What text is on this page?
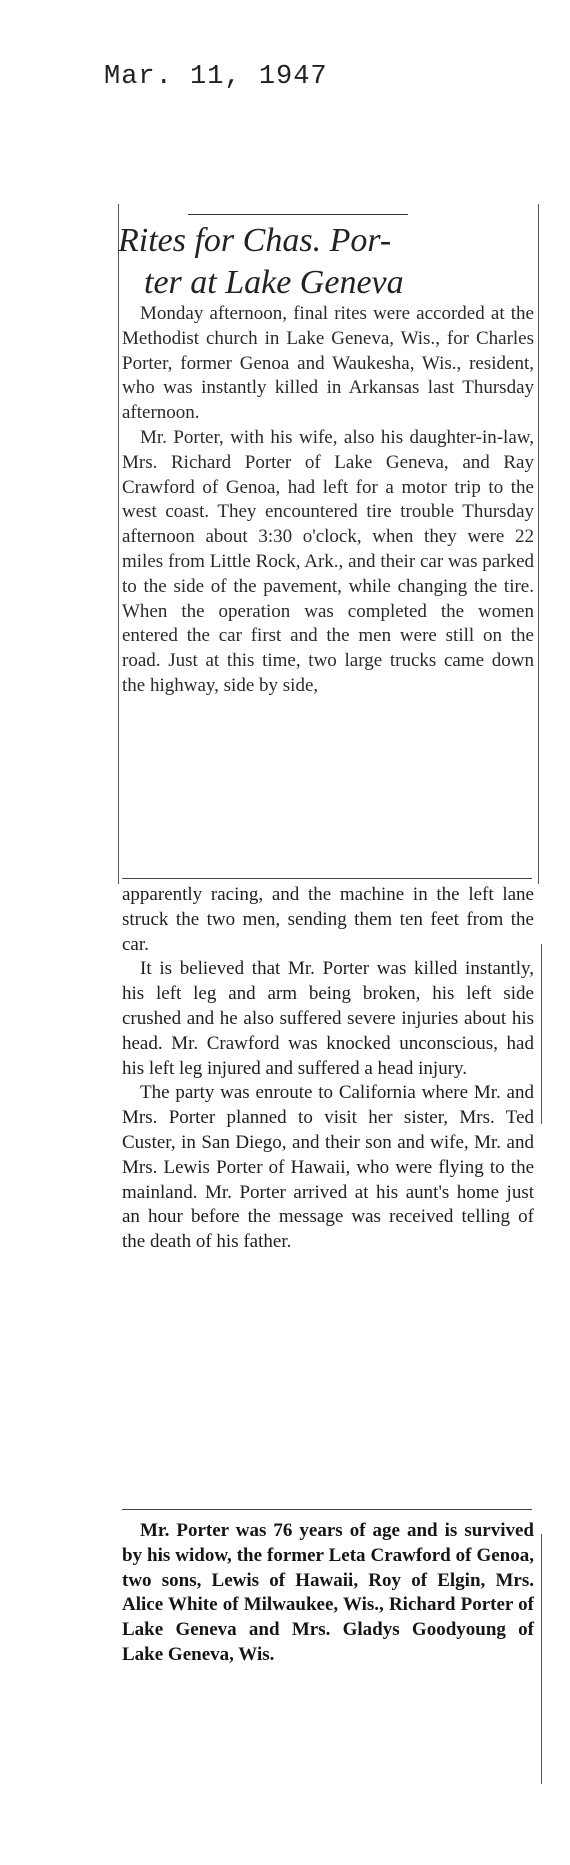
Mar. 11, 1947
Rites for Chas. Por-
ter at Lake Geneva

Monday afternoon, final rites were accorded at the Methodist church in Lake Geneva, Wis., for Charles Porter, former Genoa and Waukesha, Wis., resident, who was instantly killed in Arkansas last Thursday afternoon.

Mr. Porter, with his wife, also his daughter-in-law, Mrs. Richard Porter of Lake Geneva, and Ray Crawford of Genoa, had left for a motor trip to the west coast. They encountered tire trouble Thursday afternoon about 3:30 o'clock, when they were 22 miles from Little Rock, Ark., and their car was parked to the side of the pavement, while changing the tire. When the operation was completed the women entered the car first and the men were still on the road. Just at this time, two large trucks came down the highway, side by side,

apparently racing, and the machine in the left lane struck the two men, sending them ten feet from the car.

It is believed that Mr. Porter was killed instantly, his left leg and arm being broken, his left side crushed and he also suffered severe injuries about his head. Mr. Crawford was knocked unconscious, had his left leg injured and suffered a head injury.

The party was enroute to California where Mr. and Mrs. Porter planned to visit her sister, Mrs. Ted Custer, in San Diego, and their son and wife, Mr. and Mrs. Lewis Porter of Hawaii, who were flying to the mainland. Mr. Porter arrived at his aunt's home just an hour before the message was received telling of the death of his father.

Mr. Porter was 76 years of age and is survived by his widow, the former Leta Crawford of Genoa, two sons, Lewis of Hawaii, Roy of Elgin, Mrs. Alice White of Milwaukee, Wis., Richard Porter of Lake Geneva and Mrs. Gladys Goodyoung of Lake Geneva, Wis.
